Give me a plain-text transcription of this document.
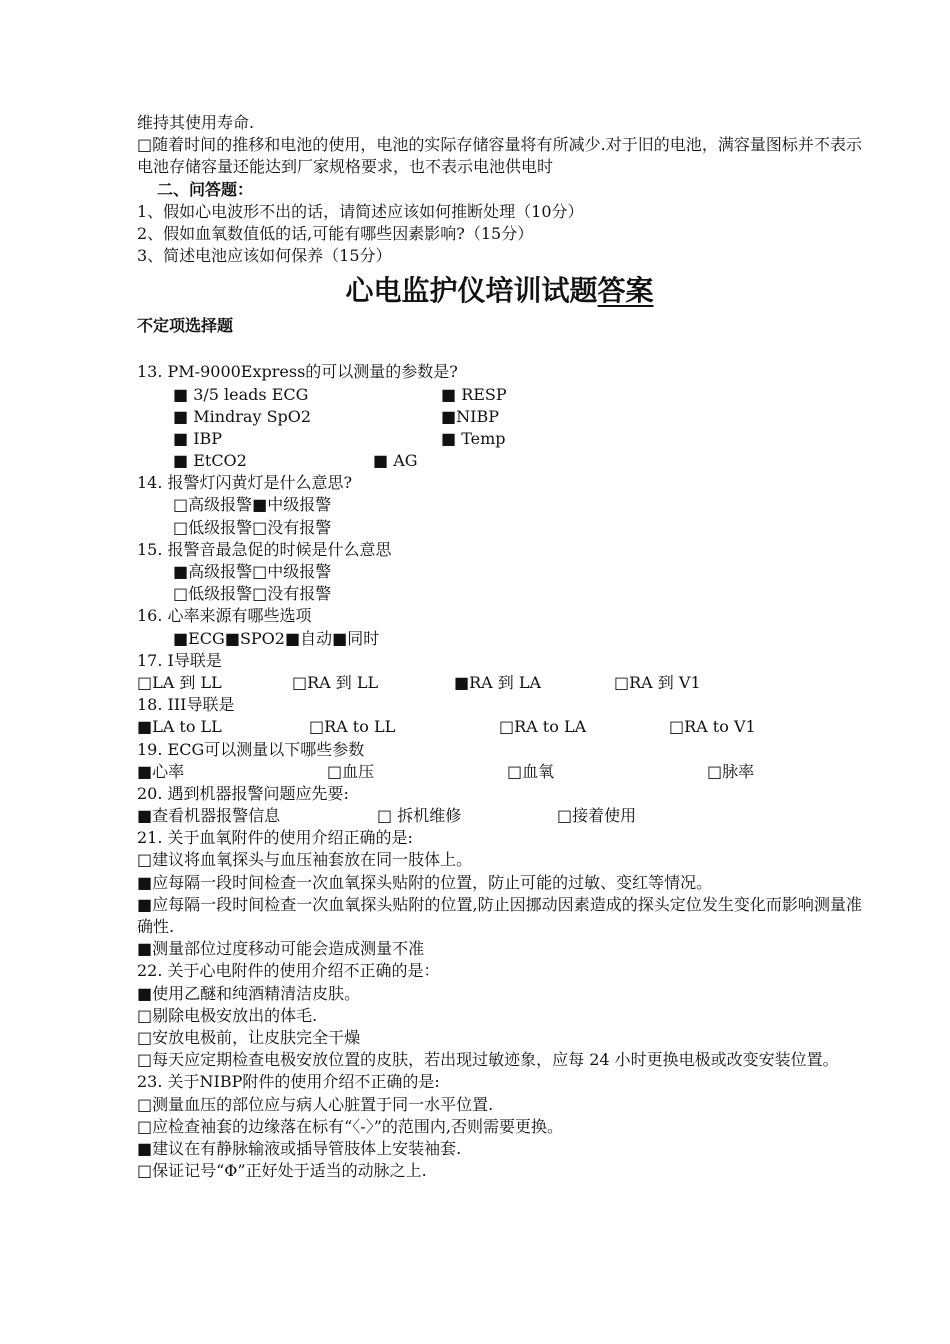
维持其使用寿命.
□随着时间的推移和电池的使用，电池的实际存储容量将有所减少.对于旧的电池，满容量图标并不表示电池存储容量还能达到厂家规格要求，也不表示电池供电时
二、问答题：
1、假如心电波形不出的话，请简述应该如何推断处理（10分）
2、假如血氧数值低的话,可能有哪些因素影响?（15分）
3、简述电池应该如何保养（15分）
心电监护仪培训试题答案
不定项选择题
13. PM-9000Express的可以测量的参数是?
■ 3/5 leads ECG	■ RESP
■ Mindray SpO2	■NIBP
■ IBP	■ Temp
■ EtCO2	■ AG
14. 报警灯闪黄灯是什么意思?
□高级报警■中级报警
□低级报警□没有报警
15. 报警音最急促的时候是什么意思
■高级报警□中级报警
□低级报警□没有报警
16. 心率来源有哪些选项
■ECG■SPO2■自动■同时
17. I导联是
□LA 到 LL	□RA 到 LL	■RA 到 LA	□RA 到 V1
18. III导联是
■LA to LL	□RA to LL	□RA to LA	□RA to V1
19. ECG可以测量以下哪些参数
■心率	□血压	□血氧	□脉率
20. 遇到机器报警问题应先要:
■查看机器报警信息	□ 拆机维修	□接着使用
21. 关于血氧附件的使用介绍正确的是:
□建议将血氧探头与血压袖套放在同一肢体上。
■应每隔一段时间检查一次血氧探头贴附的位置，防止可能的过敏、变红等情况。
■应每隔一段时间检查一次血氧探头贴附的位置,防止因挪动因素造成的探头定位发生变化而影响测量准确性.
■测量部位过度移动可能会造成测量不准
22. 关于心电附件的使用介绍不正确的是：
■使用乙醚和纯酒精清洁皮肤。
□剔除电极安放出的体毛.
□安放电极前，让皮肤完全干燥
□每天应定期检查电极安放位置的皮肤，若出现过敏迹象，应每 24 小时更换电极或改变安装位置。
23. 关于NIBP附件的使用介绍不正确的是:
□测量血压的部位应与病人心脏置于同一水平位置.
□应检查袖套的边缘落在标有“〈-〉”的范围内,否则需要更换。
■建议在有静脉输液或插导管肢体上安装袖套.
□保证记号“Φ”正好处于适当的动脉之上.
